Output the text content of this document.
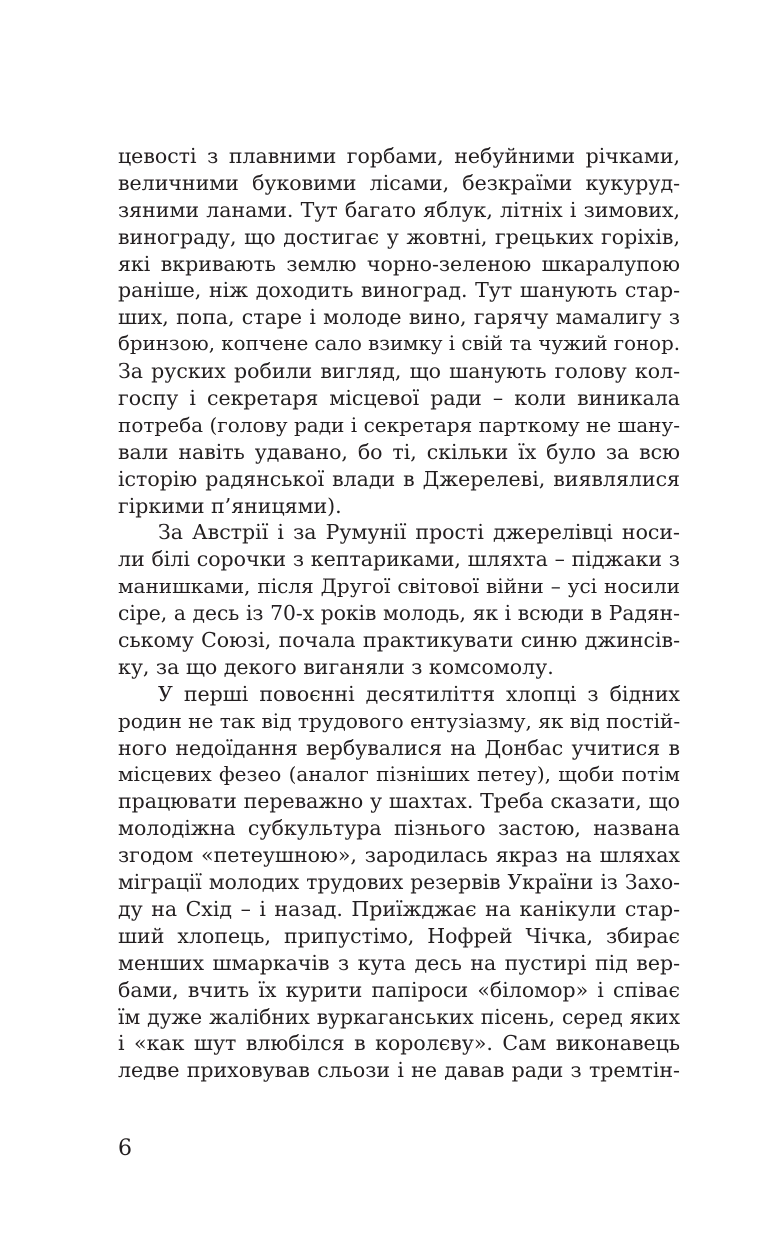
цевості з плавними горбами, небуйними річками,
величними буковими лісами, безкраїми кукуруд-
зяними ланами. Тут багато яблук, літніх і зимових,
винограду, що достигає у жовтні, грецьких горіхів,
які вкривають землю чорно-зеленою шкаралупою
раніше, ніж доходить виноград. Тут шанують стар-
ших, попа, старе і молоде вино, гарячу мамалигу з
бринзою, копчене сало взимку і свій та чужий гонор.
За руских робили вигляд, що шанують голову кол-
госпу і секретаря місцевої ради – коли виникала
потреба (голову ради і секретаря парткому не шану-
вали навіть удавано, бо ті, скільки їх було за всю
історію радянської влади в Джерелеві, виявлялися
гіркими п’яницями).
За Австрії і за Румунії прості джерелівці носи-
ли білі сорочки з кептариками, шляхта – піджаки з
манишками, після Другої світової війни – усі носили
сіре, а десь із 70-х років молодь, як і всюди в Радян-
ському Союзі, почала практикувати синю джинсів-
ку, за що декого виганяли з комсомолу.
У перші повоєнні десятиліття хлопці з бідних
родин не так від трудового ентузіазму, як від постій-
ного недоїдання вербувалися на Донбас учитися в
місцевих фезео (аналог пізніших петеу), щоби потім
працювати переважно у шахтах. Треба сказати, що
молодіжна субкультура пізнього застою, названа
згодом «петеушною», зародилась якраз на шляхах
міграції молодих трудових резервів України із Захо-
ду на Схід – і назад. Приїжджає на канікули стар-
ший хлопець, припустімо, Нофрей Чічка, збирає
менших шмаркачів з кута десь на пустирі під вер-
бами, вчить їх курити папіроси «біломор» і співає
їм дуже жалібних вуркаганських пісень, серед яких
і «как шут влюбілся в королєву». Сам виконавець
ледве приховував сльози і не давав ради з тремтін-
6
